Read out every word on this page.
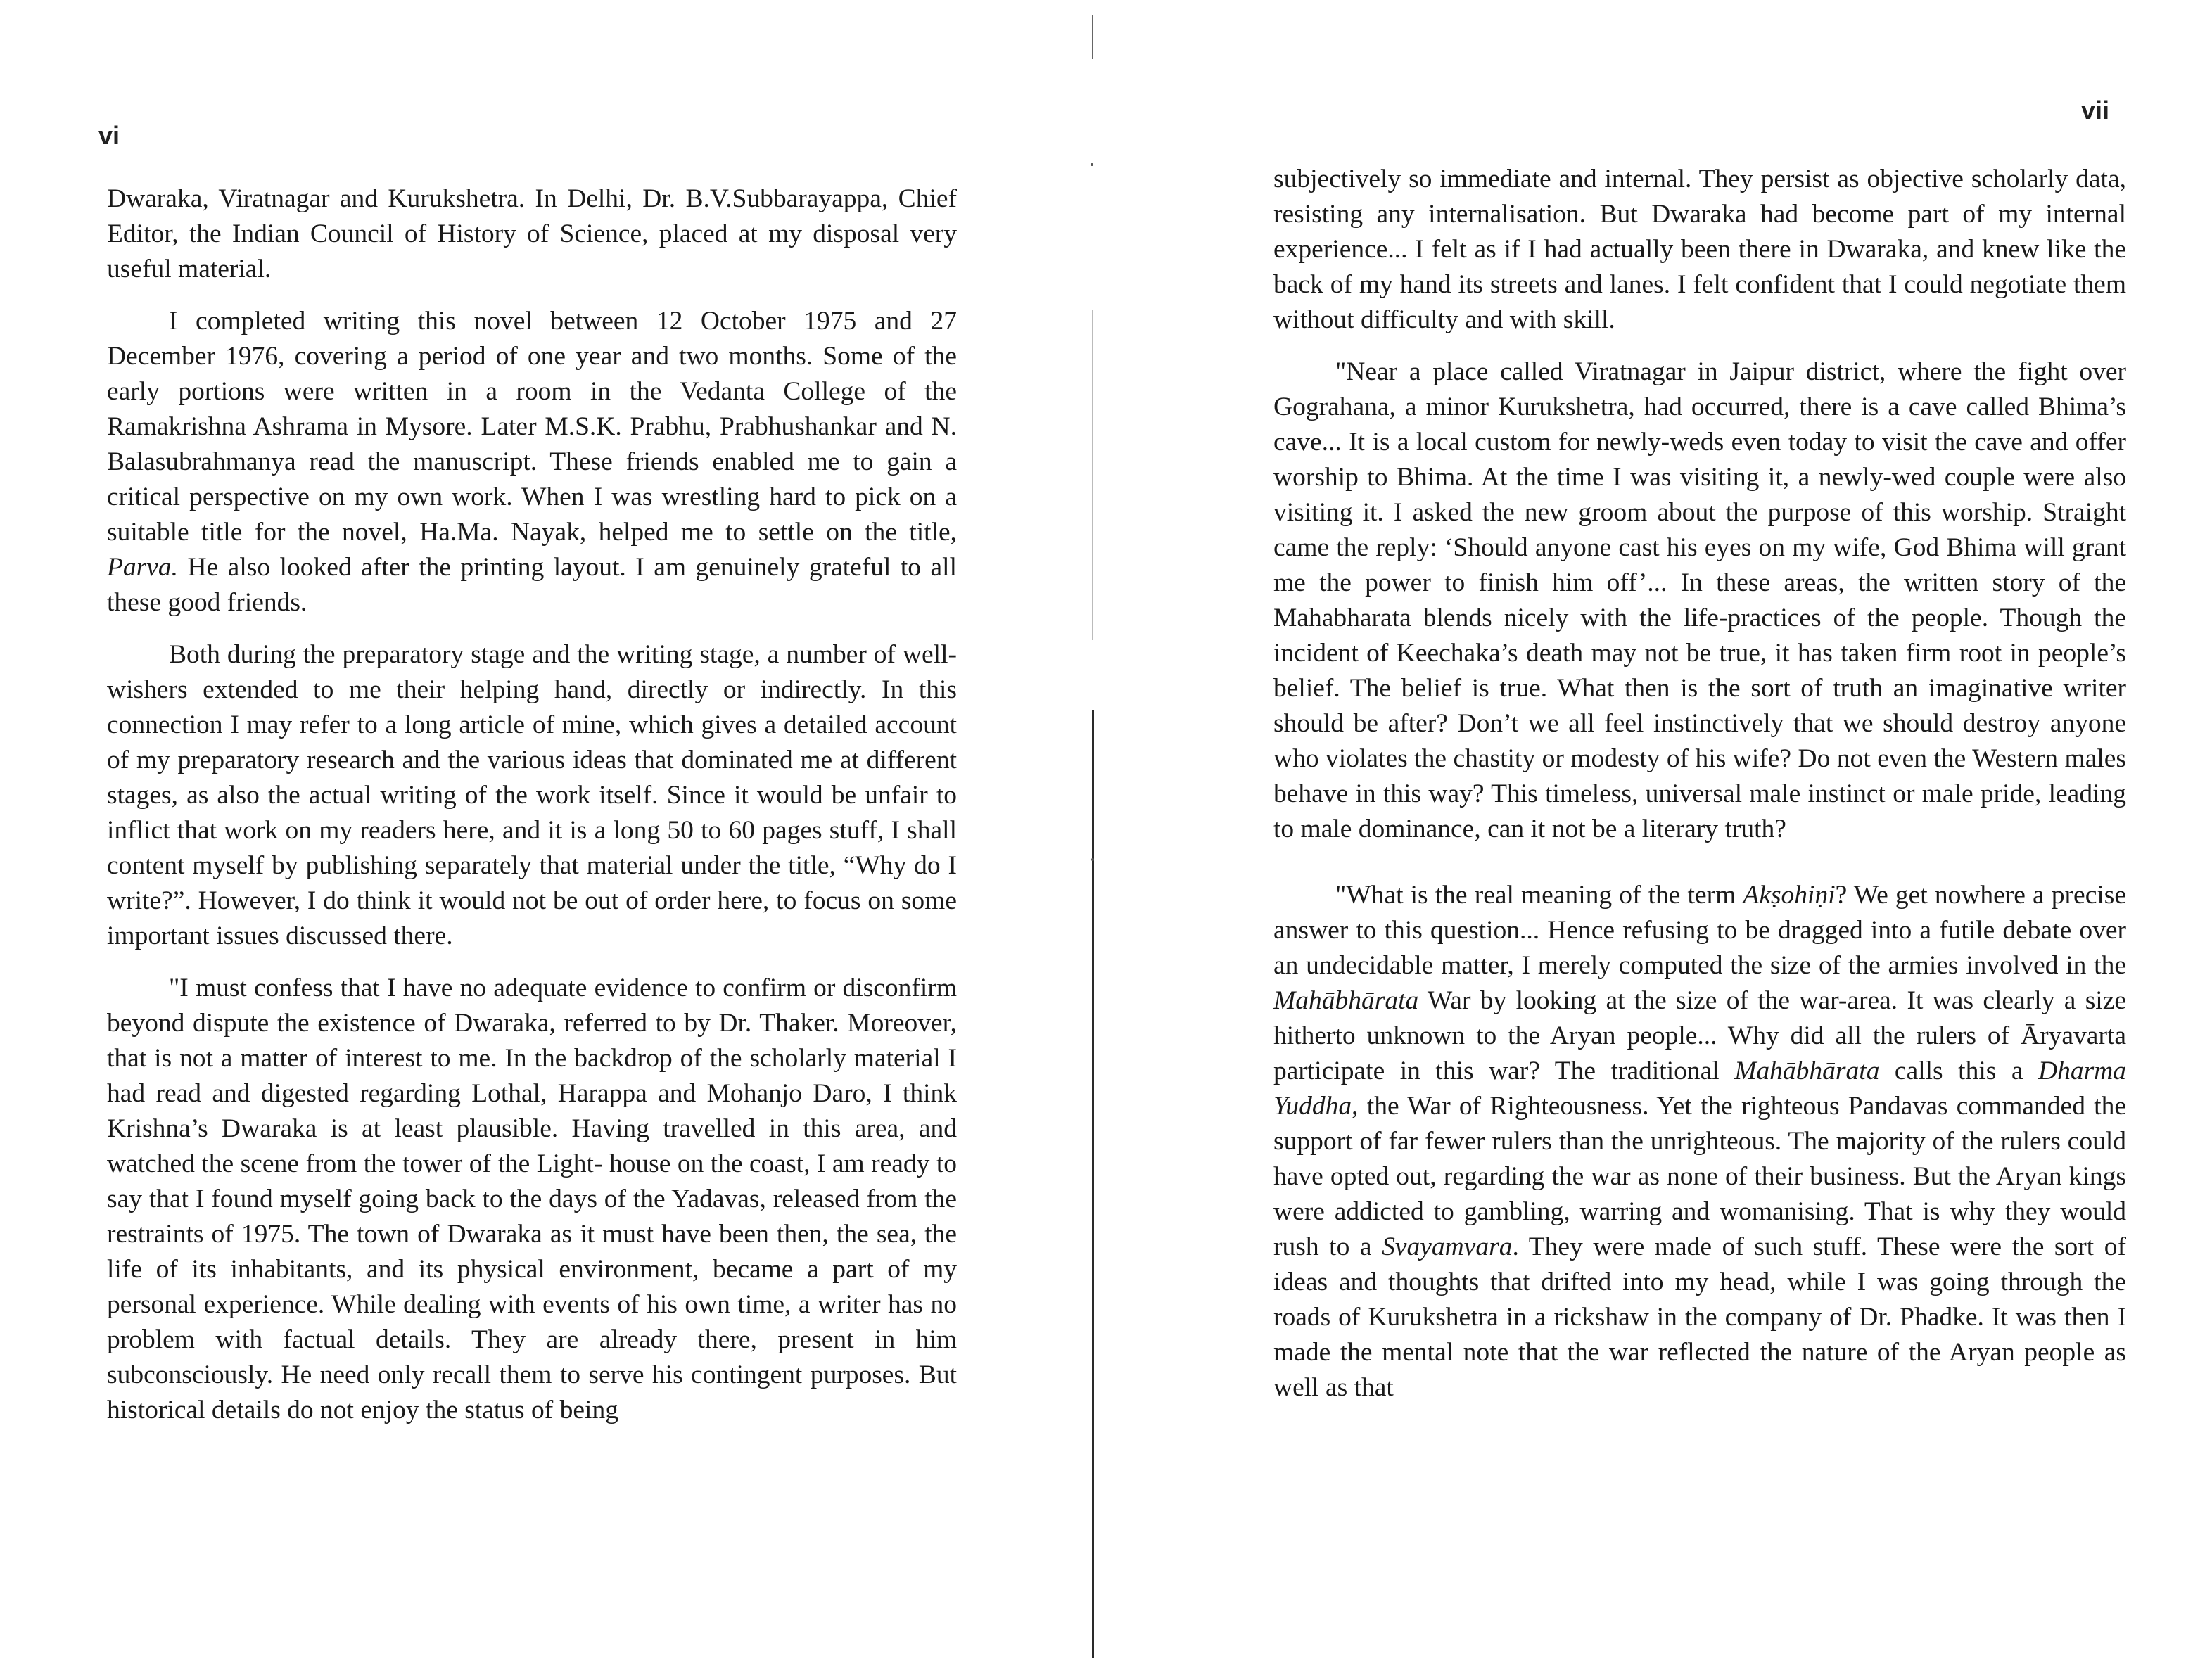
vi

Dwaraka, Viratnagar and Kurukshetra. In Delhi, Dr. B.V.Subbarayappa, Chief Editor, the Indian Council of History of Science, placed at my disposal very useful material.

I completed writing this novel between 12 October 1975 and 27 December 1976, covering a period of one year and two months. Some of the early portions were written in a room in the Vedanta College of the Ramakrishna Ashrama in Mysore. Later M.S.K. Prabhu, Prabhushankar and N. Balasubrahmanya read the manuscript. These friends enabled me to gain a critical perspective on my own work. When I was wrestling hard to pick on a suitable title for the novel, Ha.Ma. Nayak, helped me to settle on the title, Parva. He also looked after the printing layout. I am genuinely grateful to all these good friends.

Both during the preparatory stage and the writing stage, a number of well-wishers extended to me their helping hand, directly or indirectly. In this connection I may refer to a long article of mine, which gives a detailed account of my preparatory research and the various ideas that dominated me at different stages, as also the actual writing of the work itself. Since it would be unfair to inflict that work on my readers here, and it is a long 50 to 60 pages stuff, I shall content myself by publishing separately that material under the title, “Why do I write?”. However, I do think it would not be out of order here, to focus on some important issues discussed there.

"I must confess that I have no adequate evidence to confirm or disconfirm beyond dispute the existence of Dwaraka, referred to by Dr. Thaker. Moreover, that is not a matter of interest to me. In the backdrop of the scholarly material I had read and digested regarding Lothal, Harappa and Mohanjo Daro, I think Krishna’s Dwaraka is at least plausible. Having travelled in this area, and watched the scene from the tower of the Light- house on the coast, I am ready to say that I found myself going back to the days of the Yadavas, released from the restraints of 1975. The town of Dwaraka as it must have been then, the sea, the life of its inhabitants, and its physical environment, became a part of my personal experience. While dealing with events of his own time, a writer has no problem with factual details. They are already there, present in him subconsciously. He need only recall them to serve his contingent purposes. But historical details do not enjoy the status of being

vii

subjectively so immediate and internal. They persist as objective scholarly data, resisting any internalisation. But Dwaraka had become part of my internal experience... I felt as if I had actually been there in Dwaraka, and knew like the back of my hand its streets and lanes. I felt confident that I could negotiate them without difficulty and with skill.

"Near a place called Viratnagar in Jaipur district, where the fight over Gograhana, a minor Kurukshetra, had occurred, there is a cave called Bhima’s cave... It is a local custom for newly-weds even today to visit the cave and offer worship to Bhima. At the time I was visiting it, a newly-wed couple were also visiting it. I asked the new groom about the purpose of this worship. Straight came the reply: ‘Should anyone cast his eyes on my wife, God Bhima will grant me the power to finish him off’... In these areas, the written story of the Mahabharata blends nicely with the life-practices of the people. Though the incident of Keechaka’s death may not be true, it has taken firm root in people’s belief. The belief is true. What then is the sort of truth an imaginative writer should be after? Don’t we all feel instinctively that we should destroy anyone who violates the chastity or modesty of his wife? Do not even the Western males behave in this way? This timeless, universal male instinct or male pride, leading to male dominance, can it not be a literary truth?

"What is the real meaning of the term Akṣohiṇi? We get nowhere a precise answer to this question... Hence refusing to be dragged into a futile debate over an undecidable matter, I merely computed the size of the armies involved in the Mahābhārata War by looking at the size of the war-area. It was clearly a size hitherto unknown to the Aryan people... Why did all the rulers of Āryavarta participate in this war? The traditional Mahābhārata calls this a Dharma Yuddha, the War of Righteousness. Yet the righteous Pandavas commanded the support of far fewer rulers than the unrighteous. The majority of the rulers could have opted out, regarding the war as none of their business. But the Aryan kings were addicted to gambling, warring and womanising. That is why they would rush to a Svayamvara. They were made of such stuff. These were the sort of ideas and thoughts that drifted into my head, while I was going through the roads of Kurukshetra in a rickshaw in the company of Dr. Phadke. It was then I made the mental note that the war reflected the nature of the Aryan people as well as that
